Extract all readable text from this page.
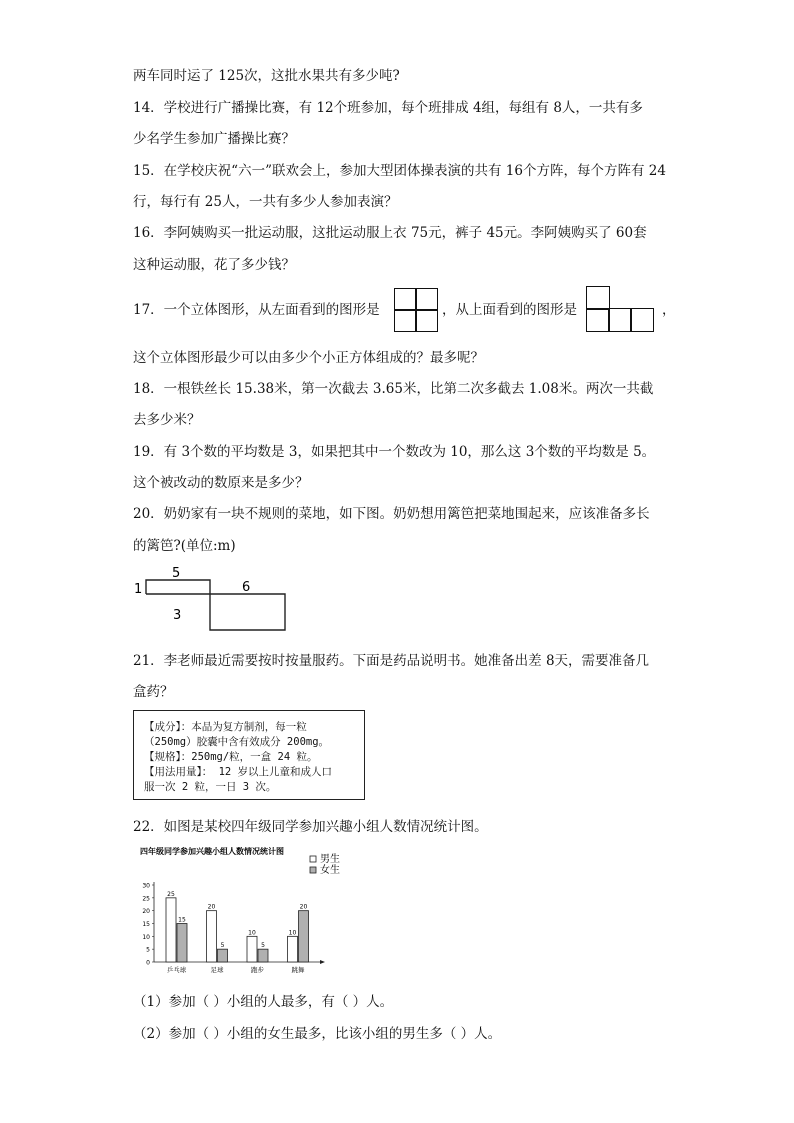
两车同时运了 125次，这批水果共有多少吨?
14．学校进行广播操比赛，有 12个班参加，每个班排成 4组，每组有 8人，一共有多
少名学生参加广播操比赛？
15．在学校庆祝“六一”联欢会上，参加大型团体操表演的共有 16个方阵，每个方阵有 24
行，每行有 25人，一共有多少人参加表演？
16．李阿姨购买一批运动服，这批运动服上衣 75元，裤子 45元。李阿姨购买了 60套
这种运动服，花了多少钱？
17．一个立体图形，从左面看到的图形是	，从上面看到的图形是	，
这个立体图形最少可以由多少个小正方体组成的？最多呢？
18．一根铁丝长 15.38米，第一次截去 3.65米，比第二次多截去 1.08米。两次一共截
去多少米？
19．有 3个数的平均数是 3，如果把其中一个数改为 10，那么这 3个数的平均数是 5。
这个被改动的数原来是多少？
20．奶奶家有一块不规则的菜地，如下图。奶奶想用篱笆把菜地围起来，应该准备多长
的篱笆?(单位:m)
5
6
1
3
21．李老师最近需要按时按量服药。下面是药品说明书。她准备出差 8天，需要准备几
盒药？
【成分】：本品为复方制剂，每一粒
（250mg）胶囊中含有效成分 200mg。
【规格】：250mg/粒，一盒 24 粒。
【用法用量】： 12 岁以上儿童和成人口
服一次 2 粒，一日 3 次。
22．如图是某校四年级同学参加兴趣小组人数情况统计图。
四年级同学参加兴趣小组人数情况统计图
男生
女生
0
5
10
15
20
25
30
25
15
乒乓球
20
5
足球
10
5
跑步
10
20
跳舞
（1）参加（ ）小组的人最多，有（ ）人。
（2）参加（ ）小组的女生最多，比该小组的男生多（ ）人。
